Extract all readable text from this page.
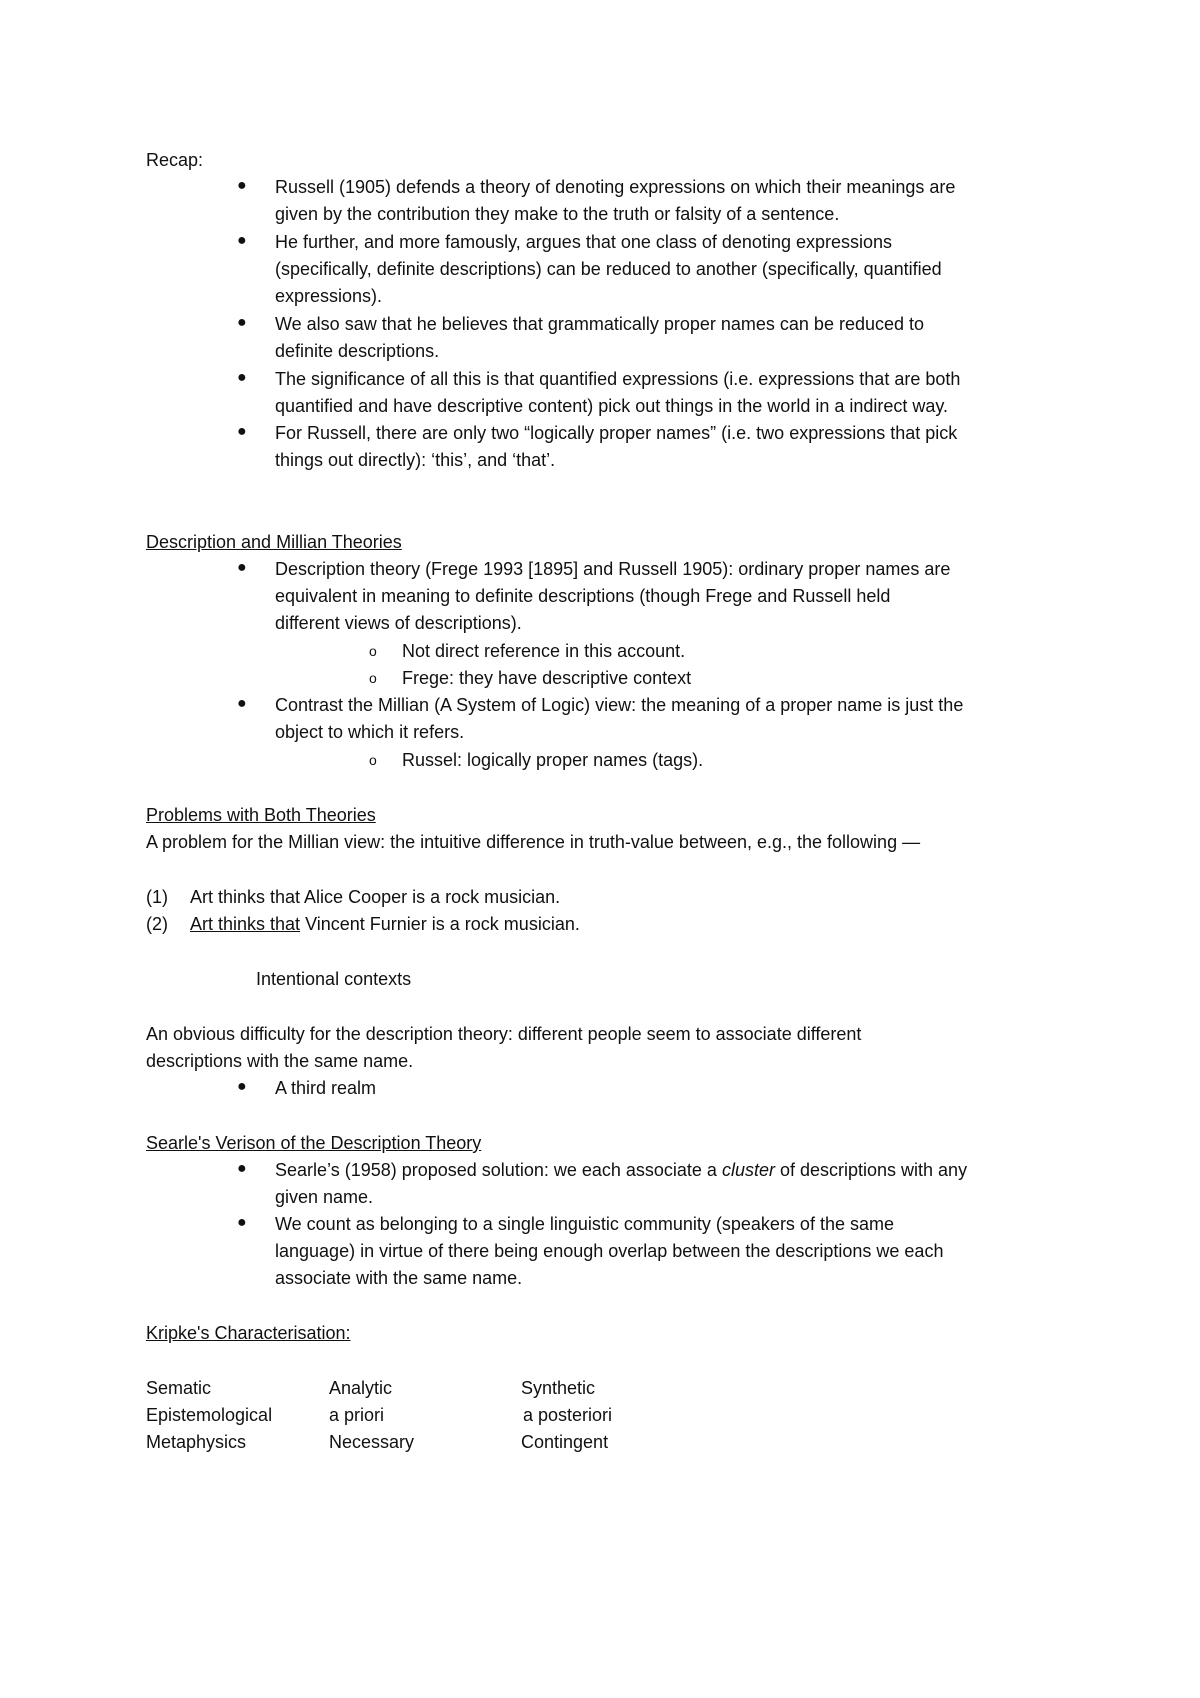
Recap:
● Russell (1905) defends a theory of denoting expressions on which their meanings are
given by the contribution they make to the truth or falsity of a sentence.
● He further, and more famously, argues that one class of denoting expressions
(specifically, definite descriptions) can be reduced to another (specifically, quantified
expressions).
● We also saw that he believes that grammatically proper names can be reduced to
definite descriptions.
● The significance of all this is that quantified expressions (i.e. expressions that are both
quantified and have descriptive content) pick out things in the world in a indirect way.
● For Russell, there are only two “logically proper names” (i.e. two expressions that pick
things out directly): ‘this’, and ‘that’.
Description and Millian Theories
● Description theory (Frege 1993 [1895] and Russell 1905): ordinary proper names are
equivalent in meaning to definite descriptions (though Frege and Russell held
different views of descriptions).
o Not direct reference in this account.
o Frege: they have descriptive context
● Contrast the Millian (A System of Logic) view: the meaning of a proper name is just the
object to which it refers.
o Russel: logically proper names (tags).
Problems with Both Theories
A problem for the Millian view: the intuitive difference in truth-value between, e.g., the following —
(1) Art thinks that Alice Cooper is a rock musician.
(2) Art thinks that Vincent Furnier is a rock musician.
Intentional contexts
An obvious difficulty for the description theory: different people seem to associate different
descriptions with the same name.
● A third realm
Searle's Verison of the Description Theory
● Searle’s (1958) proposed solution: we each associate a cluster of descriptions with any
given name.
● We count as belonging to a single linguistic community (speakers of the same
language) in virtue of there being enough overlap between the descriptions we each
associate with the same name.
Kripke's Characterisation:
Sematic	Analytic	Synthetic
Epistemological	a priori	a posteriori
Metaphysics	Necessary	Contingent
